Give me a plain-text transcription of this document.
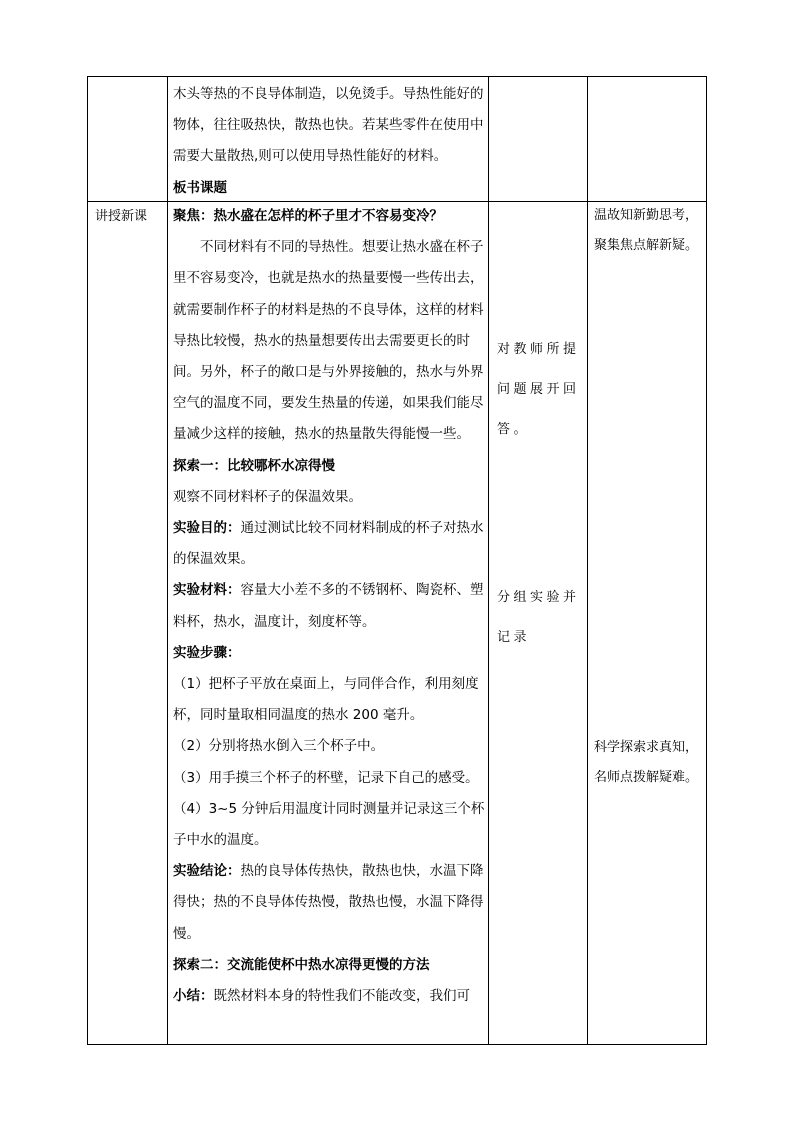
木头等热的不良导体制造，以免烫手。导热性能好的物体，往往吸热快，散热也快。若某些零件在使用中需要大量散热,则可以使用导热性能好的材料。

板书课题

讲授新课	聚焦：热水盛在怎样的杯子里才不容易变冷？

不同材料有不同的导热性。想要让热水盛在杯子里不容易变冷，也就是热水的热量要慢一些传出去，就需要制作杯子的材料是热的不良导体，这样的材料导热比较慢，热水的热量想要传出去需要更长的时间。另外，杯子的敞口是与外界接触的，热水与外界空气的温度不同，要发生热量的传递，如果我们能尽量减少这样的接触，热水的热量散失得能慢一些。

探索一：比较哪杯水凉得慢

观察不同材料杯子的保温效果。

实验目的：通过测试比较不同材料制成的杯子对热水的保温效果。

实验材料：容量大小差不多的不锈钢杯、陶瓷杯、塑料杯，热水，温度计，刻度杯等。

实验步骤：

（1）把杯子平放在桌面上，与同伴合作，利用刻度杯，同时量取相同温度的热水 200 毫升。

（2）分别将热水倒入三个杯子中。

（3）用手摸三个杯子的杯壁，记录下自己的感受。

（4）3~5 分钟后用温度计同时测量并记录这三个杯子中水的温度。

实验结论：热的良导体传热快，散热也快，水温下降得快；热的不良导体传热慢，散热也慢，水温下降得慢。

探索二：交流能使杯中热水凉得更慢的方法

小结：既然材料本身的特性我们不能改变，我们可

对教师所提问题展开回答。
分组实验并记录
温故知新勤思考，聚集焦点解新疑。
科学探索求真知，名师点拨解疑难。
